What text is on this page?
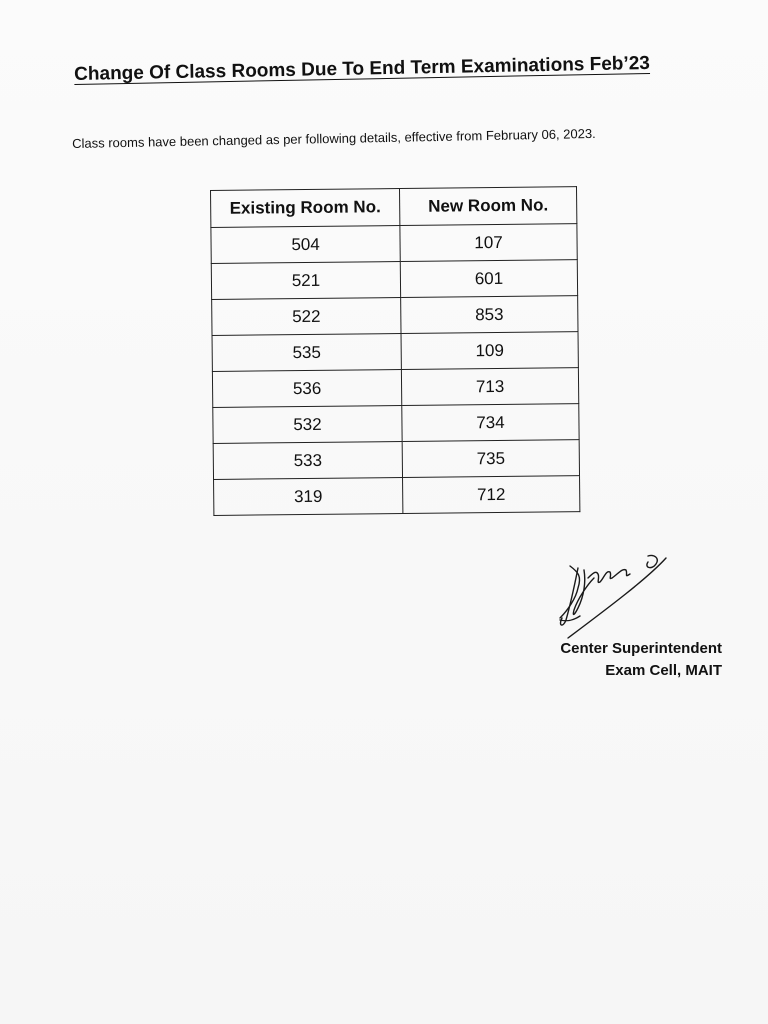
Change Of Class Rooms Due To End Term Examinations Feb’23
Class rooms have been changed as per following details, effective from February 06, 2023.
Existing Room No.	New Room No.
504	107
521	601
522	853
535	109
536	713
532	734
533	735
319	712
Center Superintendent
Exam Cell, MAIT
